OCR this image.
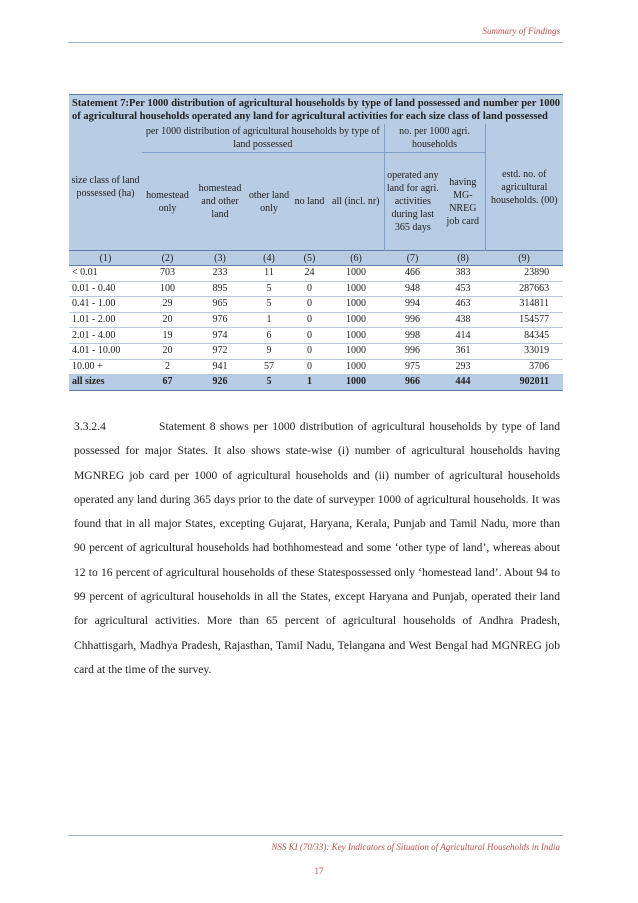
Summary of Findings
Statement 7:Per 1000 distribution of agricultural households by type of land possessed and number per 1000 of agricultural households operated any land for agricultural activities for each size class of land possessed
size class of land possessed (ha)	per 1000 distribution of agricultural households by type of land possessed					no. per 1000 agri. households		estd. no. of agricultural households. (00)
	homestead only	homestead and other land	other land only	no land	all (incl. nr)	operated any land for agri. activities during last 365 days	having MG-NREG job card	
(1)	(2)	(3)	(4)	(5)	(6)	(7)	(8)	(9)
< 0.01	703	233	11	24	1000	466	383	23890
0.01 - 0.40	100	895	5	0	1000	948	453	287663
0.41 - 1.00	29	965	5	0	1000	994	463	314811
1.01 - 2.00	20	976	1	0	1000	996	438	154577
2.01 - 4.00	19	974	6	0	1000	998	414	84345
4.01 - 10.00	20	972	9	0	1000	996	361	33019
10.00 +	2	941	57	0	1000	975	293	3706
all sizes	67	926	5	1	1000	966	444	902011

3.3.2.4	Statement 8 shows per 1000 distribution of agricultural households by type of land possessed for major States. It also shows state-wise (i) number of agricultural households having MGNREG job card per 1000 of agricultural households and (ii) number of agricultural households operated any land during 365 days prior to the date of surveyper 1000 of agricultural households. It was found that in all major States, excepting Gujarat, Haryana, Kerala, Punjab and Tamil Nadu, more than 90 percent of agricultural households had bothhomestead and some ‘other type of land’, whereas about 12 to 16 percent of agricultural households of these Statespossessed only ‘homestead land’. About 94 to 99 percent of agricultural households in all the States, except Haryana and Punjab, operated their land for agricultural activities. More than 65 percent of agricultural households of Andhra Pradesh, Chhattisgarh, Madhya Pradesh, Rajasthan, Tamil Nadu, Telangana and West Bengal had MGNREG job card at the time of the survey.

NSS KI (70/33): Key Indicators of Situation of Agricultural Households in India
17
